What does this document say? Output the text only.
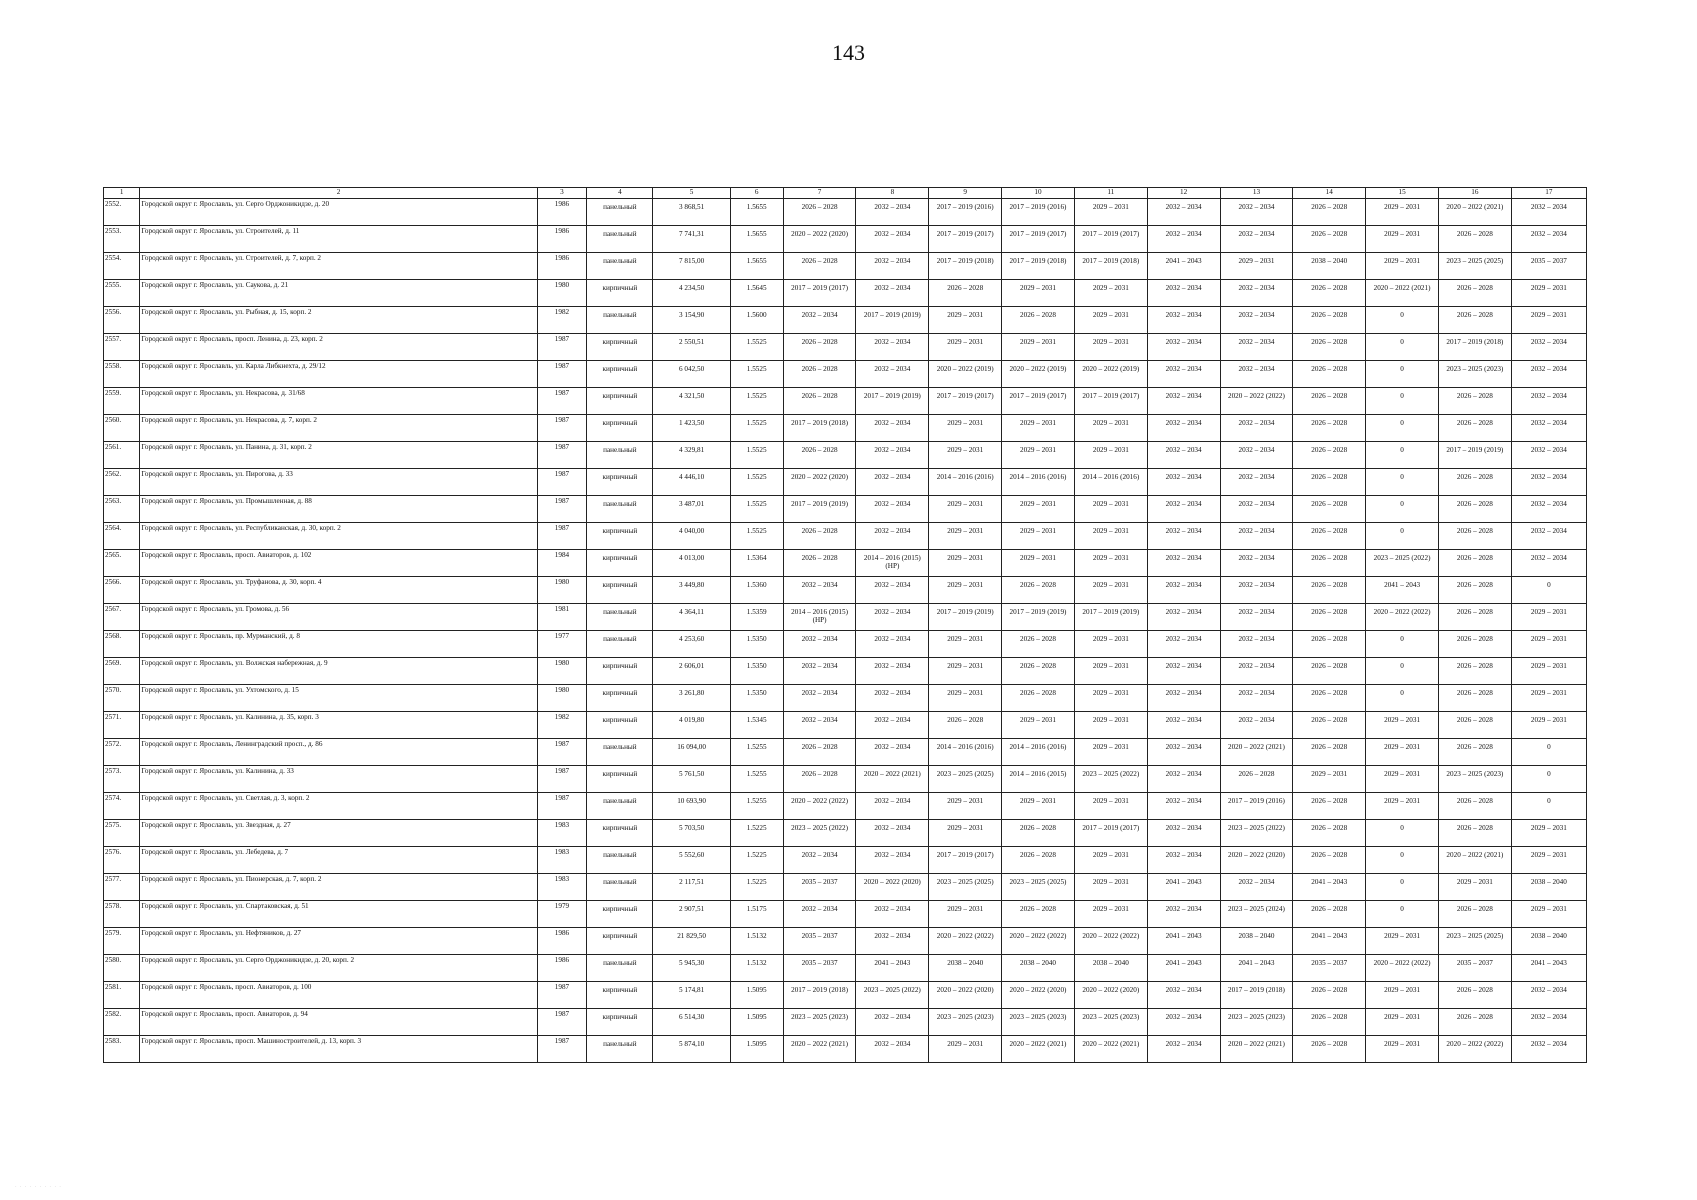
143
1	2	3	4	5	6	7	8	9	10	11	12	13	14	15	16	17

2552.	Городской округ г. Ярославль, ул. Серго Орджоникидзе, д. 20	1986	панельный	3 868,51	1.5655	2026 – 2028	2032 – 2034	2017 – 2019 (2016)	2017 – 2019 (2016)	2029 – 2031	2032 – 2034	2032 – 2034	2026 – 2028	2029 – 2031	2020 – 2022 (2021)	2032 – 2034

2553.	Городской округ г. Ярославль, ул. Строителей, д. 11	1986	панельный	7 741,31	1.5655	2020 – 2022 (2020)	2032 – 2034	2017 – 2019 (2017)	2017 – 2019 (2017)	2017 – 2019 (2017)	2032 – 2034	2032 – 2034	2026 – 2028	2029 – 2031	2026 – 2028	2032 – 2034

2554.	Городской округ г. Ярославль, ул. Строителей, д. 7, корп. 2	1986	панельный	7 815,00	1.5655	2026 – 2028	2032 – 2034	2017 – 2019 (2018)	2017 – 2019 (2018)	2017 – 2019 (2018)	2041 – 2043	2029 – 2031	2038 – 2040	2029 – 2031	2023 – 2025 (2025)	2035 – 2037

2555.	Городской округ г. Ярославль, ул. Саукова, д. 21	1980	кирпичный	4 234,50	1.5645	2017 – 2019 (2017)	2032 – 2034	2026 – 2028	2029 – 2031	2029 – 2031	2032 – 2034	2032 – 2034	2026 – 2028	2020 – 2022 (2021)	2026 – 2028	2029 – 2031

2556.	Городской округ г. Ярославль, ул. Рыбная, д. 15, корп. 2	1982	панельный	3 154,90	1.5600	2032 – 2034	2017 – 2019 (2019)	2029 – 2031	2026 – 2028	2029 – 2031	2032 – 2034	2032 – 2034	2026 – 2028	0	2026 – 2028	2029 – 2031

2557.	Городской округ г. Ярославль, просп. Ленина, д. 23, корп. 2	1987	кирпичный	2 550,51	1.5525	2026 – 2028	2032 – 2034	2029 – 2031	2029 – 2031	2029 – 2031	2032 – 2034	2032 – 2034	2026 – 2028	0	2017 – 2019 (2018)	2032 – 2034

2558.	Городской округ г. Ярославль, ул. Карла Либкнехта, д. 29/12	1987	кирпичный	6 042,50	1.5525	2026 – 2028	2032 – 2034	2020 – 2022 (2019)	2020 – 2022 (2019)	2020 – 2022 (2019)	2032 – 2034	2032 – 2034	2026 – 2028	0	2023 – 2025 (2023)	2032 – 2034

2559.	Городской округ г. Ярославль, ул. Некрасова, д. 31/68	1987	кирпичный	4 321,50	1.5525	2026 – 2028	2017 – 2019 (2019)	2017 – 2019 (2017)	2017 – 2019 (2017)	2017 – 2019 (2017)	2032 – 2034	2020 – 2022 (2022)	2026 – 2028	0	2026 – 2028	2032 – 2034

2560.	Городской округ г. Ярославль, ул. Некрасова, д. 7, корп. 2	1987	кирпичный	1 423,50	1.5525	2017 – 2019 (2018)	2032 – 2034	2029 – 2031	2029 – 2031	2029 – 2031	2032 – 2034	2032 – 2034	2026 – 2028	0	2026 – 2028	2032 – 2034

2561.	Городской округ г. Ярославль, ул. Панина, д. 31, корп. 2	1987	панельный	4 329,81	1.5525	2026 – 2028	2032 – 2034	2029 – 2031	2029 – 2031	2029 – 2031	2032 – 2034	2032 – 2034	2026 – 2028	0	2017 – 2019 (2019)	2032 – 2034

2562.	Городской округ г. Ярославль, ул. Пирогова, д. 33	1987	кирпичный	4 446,10	1.5525	2020 – 2022 (2020)	2032 – 2034	2014 – 2016 (2016)	2014 – 2016 (2016)	2014 – 2016 (2016)	2032 – 2034	2032 – 2034	2026 – 2028	0	2026 – 2028	2032 – 2034

2563.	Городской округ г. Ярославль, ул. Промышленная, д. 88	1987	панельный	3 487,01	1.5525	2017 – 2019 (2019)	2032 – 2034	2029 – 2031	2029 – 2031	2029 – 2031	2032 – 2034	2032 – 2034	2026 – 2028	0	2026 – 2028	2032 – 2034

2564.	Городской округ г. Ярославль, ул. Республиканская, д. 30, корп. 2	1987	кирпичный	4 040,00	1.5525	2026 – 2028	2032 – 2034	2029 – 2031	2029 – 2031	2029 – 2031	2032 – 2034	2032 – 2034	2026 – 2028	0	2026 – 2028	2032 – 2034

2565.	Городской округ г. Ярославль, просп. Авиаторов, д. 102	1984	кирпичный	4 013,00	1.5364	2026 – 2028	2014 – 2016 (2015) (НР)	2029 – 2031	2029 – 2031	2029 – 2031	2032 – 2034	2032 – 2034	2026 – 2028	2023 – 2025 (2022)	2026 – 2028	2032 – 2034

2566.	Городской округ г. Ярославль, ул. Труфанова, д. 30, корп. 4	1980	кирпичный	3 449,80	1.5360	2032 – 2034	2032 – 2034	2029 – 2031	2026 – 2028	2029 – 2031	2032 – 2034	2032 – 2034	2026 – 2028	2041 – 2043	2026 – 2028	0

2567.	Городской округ г. Ярославль, ул. Громова, д. 56	1981	панельный	4 364,11	1.5359	2014 – 2016 (2015) (НР)	2032 – 2034	2017 – 2019 (2019)	2017 – 2019 (2019)	2017 – 2019 (2019)	2032 – 2034	2032 – 2034	2026 – 2028	2020 – 2022 (2022)	2026 – 2028	2029 – 2031

2568.	Городской округ г. Ярославль, пр. Мурманский, д. 8	1977	панельный	4 253,60	1.5350	2032 – 2034	2032 – 2034	2029 – 2031	2026 – 2028	2029 – 2031	2032 – 2034	2032 – 2034	2026 – 2028	0	2026 – 2028	2029 – 2031

2569.	Городской округ г. Ярославль, ул. Волжская набережная, д. 9	1980	кирпичный	2 606,01	1.5350	2032 – 2034	2032 – 2034	2029 – 2031	2026 – 2028	2029 – 2031	2032 – 2034	2032 – 2034	2026 – 2028	0	2026 – 2028	2029 – 2031

2570.	Городской округ г. Ярославль, ул. Ухтомского, д. 15	1980	кирпичный	3 261,80	1.5350	2032 – 2034	2032 – 2034	2029 – 2031	2026 – 2028	2029 – 2031	2032 – 2034	2032 – 2034	2026 – 2028	0	2026 – 2028	2029 – 2031

2571.	Городской округ г. Ярославль, ул. Калинина, д. 35, корп. 3	1982	кирпичный	4 019,80	1.5345	2032 – 2034	2032 – 2034	2026 – 2028	2029 – 2031	2029 – 2031	2032 – 2034	2032 – 2034	2026 – 2028	2029 – 2031	2026 – 2028	2029 – 2031

2572.	Городской округ г. Ярославль, Ленинградский просп., д. 86	1987	панельный	16 094,00	1.5255	2026 – 2028	2032 – 2034	2014 – 2016 (2016)	2014 – 2016 (2016)	2029 – 2031	2032 – 2034	2020 – 2022 (2021)	2026 – 2028	2029 – 2031	2026 – 2028	0

2573.	Городской округ г. Ярославль, ул. Калинина, д. 33	1987	кирпичный	5 761,50	1.5255	2026 – 2028	2020 – 2022 (2021)	2023 – 2025 (2025)	2014 – 2016 (2015)	2023 – 2025 (2022)	2032 – 2034	2026 – 2028	2029 – 2031	2029 – 2031	2023 – 2025 (2023)	0

2574.	Городской округ г. Ярославль, ул. Светлая, д. 3, корп. 2	1987	панельный	10 693,90	1.5255	2020 – 2022 (2022)	2032 – 2034	2029 – 2031	2029 – 2031	2029 – 2031	2032 – 2034	2017 – 2019 (2016)	2026 – 2028	2029 – 2031	2026 – 2028	0

2575.	Городской округ г. Ярославль, ул. Звездная, д. 27	1983	кирпичный	5 703,50	1.5225	2023 – 2025 (2022)	2032 – 2034	2029 – 2031	2026 – 2028	2017 – 2019 (2017)	2032 – 2034	2023 – 2025 (2022)	2026 – 2028	0	2026 – 2028	2029 – 2031

2576.	Городской округ г. Ярославль, ул. Лебедева, д. 7	1983	панельный	5 552,60	1.5225	2032 – 2034	2032 – 2034	2017 – 2019 (2017)	2026 – 2028	2029 – 2031	2032 – 2034	2020 – 2022 (2020)	2026 – 2028	0	2020 – 2022 (2021)	2029 – 2031

2577.	Городской округ г. Ярославль, ул. Пионерская, д. 7, корп. 2	1983	панельный	2 117,51	1.5225	2035 – 2037	2020 – 2022 (2020)	2023 – 2025 (2025)	2023 – 2025 (2025)	2029 – 2031	2041 – 2043	2032 – 2034	2041 – 2043	0	2029 – 2031	2038 – 2040

2578.	Городской округ г. Ярославль, ул. Спартаковская, д. 51	1979	кирпичный	2 907,51	1.5175	2032 – 2034	2032 – 2034	2029 – 2031	2026 – 2028	2029 – 2031	2032 – 2034	2023 – 2025 (2024)	2026 – 2028	0	2026 – 2028	2029 – 2031

2579.	Городской округ г. Ярославль, ул. Нефтяников, д. 27	1986	кирпичный	21 829,50	1.5132	2035 – 2037	2032 – 2034	2020 – 2022 (2022)	2020 – 2022 (2022)	2020 – 2022 (2022)	2041 – 2043	2038 – 2040	2041 – 2043	2029 – 2031	2023 – 2025 (2025)	2038 – 2040

2580.	Городской округ г. Ярославль, ул. Серго Орджоникидзе, д. 20, корп. 2	1986	панельный	5 945,30	1.5132	2035 – 2037	2041 – 2043	2038 – 2040	2038 – 2040	2038 – 2040	2041 – 2043	2041 – 2043	2035 – 2037	2020 – 2022 (2022)	2035 – 2037	2041 – 2043

2581.	Городской округ г. Ярославль, просп. Авиаторов, д. 100	1987	кирпичный	5 174,81	1.5095	2017 – 2019 (2018)	2023 – 2025 (2022)	2020 – 2022 (2020)	2020 – 2022 (2020)	2020 – 2022 (2020)	2032 – 2034	2017 – 2019 (2018)	2026 – 2028	2029 – 2031	2026 – 2028	2032 – 2034

2582.	Городской округ г. Ярославль, просп. Авиаторов, д. 94	1987	кирпичный	6 514,30	1.5095	2023 – 2025 (2023)	2032 – 2034	2023 – 2025 (2023)	2023 – 2025 (2023)	2023 – 2025 (2023)	2032 – 2034	2023 – 2025 (2023)	2026 – 2028	2029 – 2031	2026 – 2028	2032 – 2034

2583.	Городской округ г. Ярославль, просп. Машиностроителей, д. 13, корп. 3	1987	панельный	5 874,10	1.5095	2020 – 2022 (2021)	2032 – 2034	2029 – 2031	2020 – 2022 (2021)	2020 – 2022 (2021)	2032 – 2034	2020 – 2022 (2021)	2026 – 2028	2029 – 2031	2020 – 2022 (2022)	2032 – 2034
· · · · · · · · · ·
